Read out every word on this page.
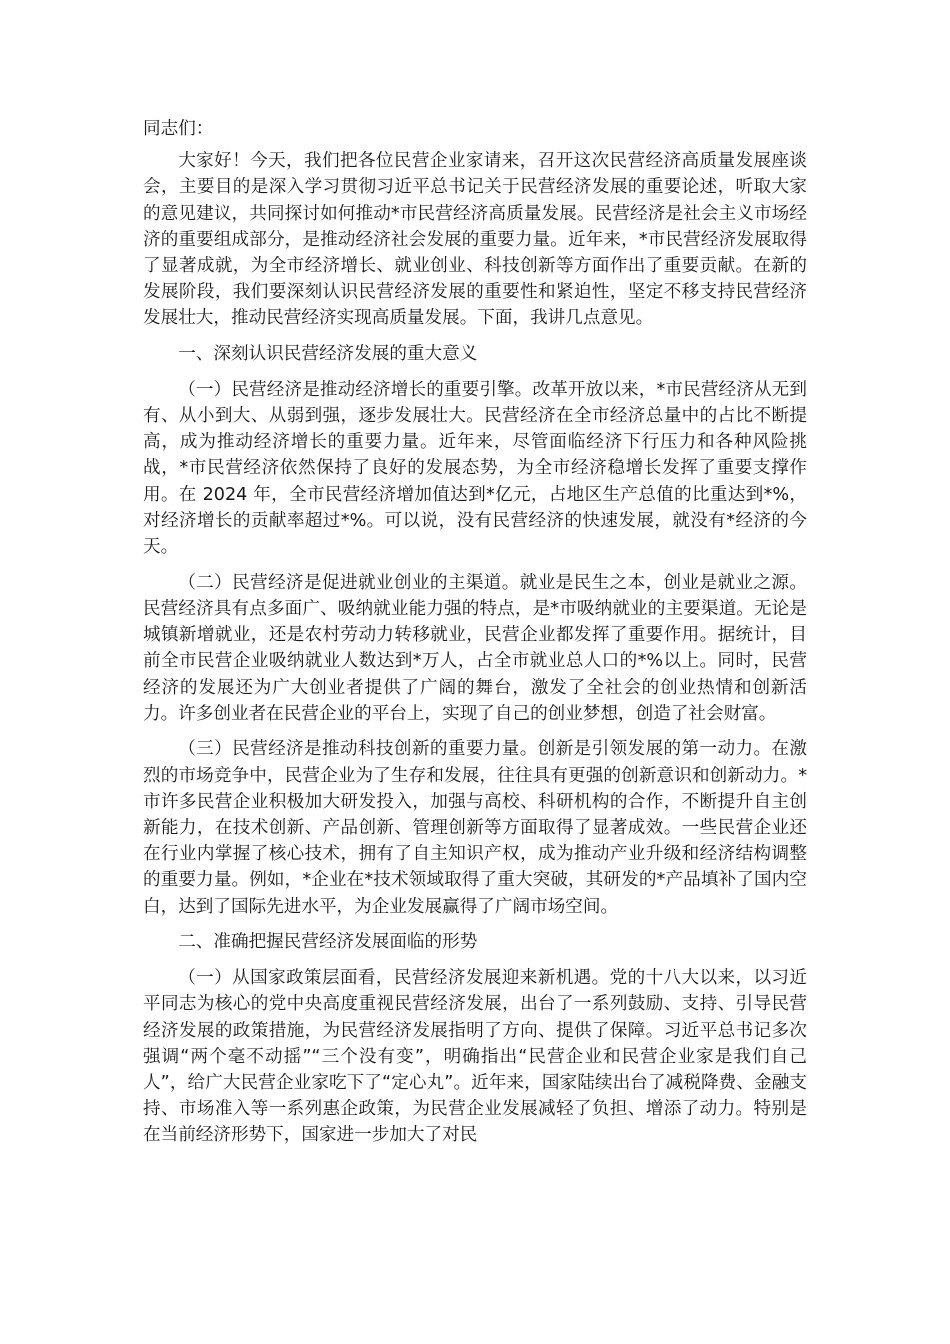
同志们：

大家好！今天，我们把各位民营企业家请来，召开这次民营经济高质量发展座谈会，主要目的是深入学习贯彻习近平总书记关于民营经济发展的重要论述，听取大家的意见建议，共同探讨如何推动*市民营经济高质量发展。民营经济是社会主义市场经济的重要组成部分，是推动经济社会发展的重要力量。近年来，*市民营经济发展取得了显著成就，为全市经济增长、就业创业、科技创新等方面作出了重要贡献。在新的发展阶段，我们要深刻认识民营经济发展的重要性和紧迫性，坚定不移支持民营经济发展壮大，推动民营经济实现高质量发展。下面，我讲几点意见。

一、深刻认识民营经济发展的重大意义

（一）民营经济是推动经济增长的重要引擎。改革开放以来，*市民营经济从无到有、从小到大、从弱到强，逐步发展壮大。民营经济在全市经济总量中的占比不断提高，成为推动经济增长的重要力量。近年来，尽管面临经济下行压力和各种风险挑战，*市民营经济依然保持了良好的发展态势，为全市经济稳增长发挥了重要支撑作用。在 2024 年，全市民营经济增加值达到*亿元，占地区生产总值的比重达到*%，对经济增长的贡献率超过*%。可以说，没有民营经济的快速发展，就没有*经济的今天。

（二）民营经济是促进就业创业的主渠道。就业是民生之本，创业是就业之源。民营经济具有点多面广、吸纳就业能力强的特点，是*市吸纳就业的主要渠道。无论是城镇新增就业，还是农村劳动力转移就业，民营企业都发挥了重要作用。据统计，目前全市民营企业吸纳就业人数达到*万人，占全市就业总人口的*%以上。同时，民营经济的发展还为广大创业者提供了广阔的舞台，激发了全社会的创业热情和创新活力。许多创业者在民营企业的平台上，实现了自己的创业梦想，创造了社会财富。

（三）民营经济是推动科技创新的重要力量。创新是引领发展的第一动力。在激烈的市场竞争中，民营企业为了生存和发展，往往具有更强的创新意识和创新动力。*市许多民营企业积极加大研发投入，加强与高校、科研机构的合作，不断提升自主创新能力，在技术创新、产品创新、管理创新等方面取得了显著成效。一些民营企业还在行业内掌握了核心技术，拥有了自主知识产权，成为推动产业升级和经济结构调整的重要力量。例如，*企业在*技术领域取得了重大突破，其研发的*产品填补了国内空白，达到了国际先进水平，为企业发展赢得了广阔市场空间。

二、准确把握民营经济发展面临的形势

（一）从国家政策层面看，民营经济发展迎来新机遇。党的十八大以来，以习近平同志为核心的党中央高度重视民营经济发展，出台了一系列鼓励、支持、引导民营经济发展的政策措施，为民营经济发展指明了方向、提供了保障。习近平总书记多次强调“两个毫不动摇”“三个没有变”，明确指出“民营企业和民营企业家是我们自己人”，给广大民营企业家吃下了“定心丸”。近年来，国家陆续出台了减税降费、金融支持、市场准入等一系列惠企政策，为民营企业发展减轻了负担、增添了动力。特别是在当前经济形势下，国家进一步加大了对民
